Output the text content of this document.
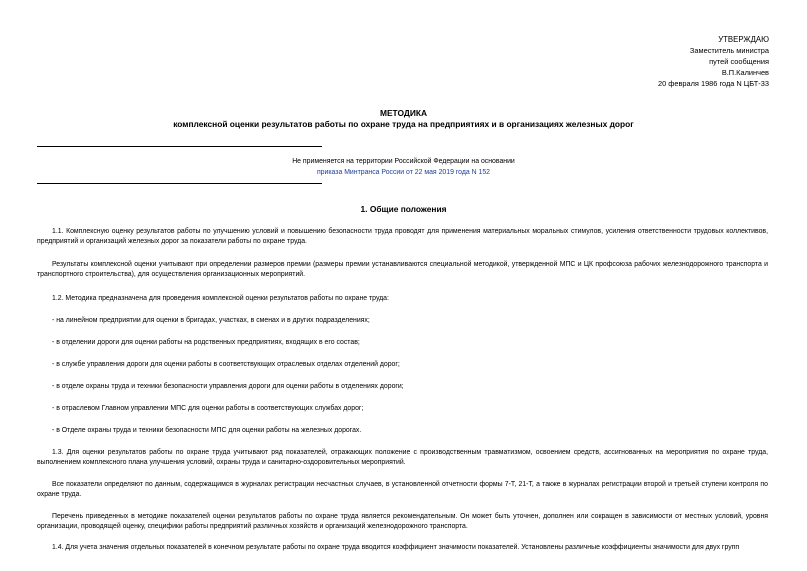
УТВЕРЖДАЮ
Заместитель министра
путей сообщения
В.П.Калинчев
20 февраля 1986 года N ЦБТ-33
МЕТОДИКА
комплексной оценки результатов работы по охране труда на предприятиях и в организациях железных дорог
Не применяется на территории Российской Федерации на основании
приказа Минтранса России от 22 мая 2019 года N 152
1. Общие положения

1.1. Комплексную оценку результатов работы по улучшению условий и повышению безопасности труда проводят для применения материальных моральных стимулов, усиления ответственности трудовых коллективов, предприятий и организаций железных дорог за показатели работы по охране труда.

Результаты комплексной оценки учитывают при определении размеров премии (размеры премии устанавливаются специальной методикой, утвержденной МПС и ЦК профсоюза рабочих железнодорожного транспорта и транспортного строительства), для осуществления организационных мероприятий.

1.2. Методика предназначена для проведения комплексной оценки результатов работы по охране труда:

- на линейном предприятии для оценки в бригадах, участках, в сменах и в других подразделениях;

- в отделении дороги для оценки работы на родственных предприятиях, входящих в его состав;

- в службе управления дороги для оценки работы в соответствующих отраслевых отделах отделений дорог;

- в отделе охраны труда и техники безопасности управления дороги для оценки работы в отделениях дороги;

- в отраслевом Главном управлении МПС для оценки работы в соответствующих службах дорог;

- в Отделе охраны труда и техники безопасности МПС для оценки работы на железных дорогах.

1.3. Для оценки результатов работы по охране труда учитывают ряд показателей, отражающих положение с производственным травматизмом, освоением средств, ассигнованных на мероприятия по охране труда, выполнением комплексного плана улучшения условий, охраны труда и санитарно-оздоровительных мероприятий.

Все показатели определяют по данным, содержащимся в журналах регистрации несчастных случаев, в установленной отчетности формы 7-Т, 21-Т, а также в журналах регистрации второй и третьей ступени контроля по охране труда.

Перечень приведенных в методике показателей оценки результатов работы по охране труда является рекомендательным. Он может быть уточнен, дополнен или сокращен в зависимости от местных условий, уровня организации, проводящей оценку, специфики работы предприятий различных хозяйств и организаций железнодорожного транспорта.

1.4. Для учета значения отдельных показателей в конечном результате работы по охране труда вводится коэффициент значимости показателей. Установлены различные коэффициенты значимости для двух групп
